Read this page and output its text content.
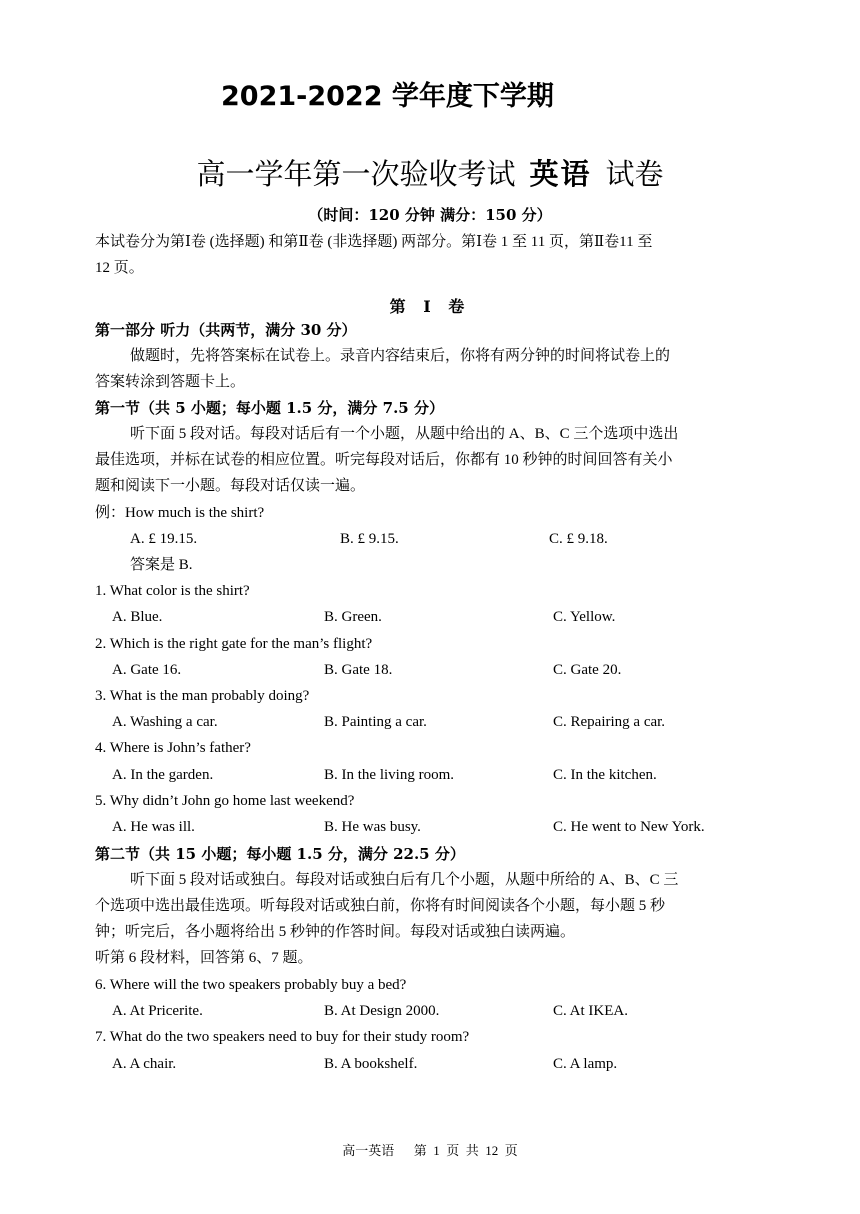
2021-2022 学年度下学期
高一学年第一次验收考试 英语 试卷
（时间：120 分钟 满分：150 分）
本试卷分为第Ⅰ卷 (选择题) 和第Ⅱ卷 (非选择题) 两部分。第Ⅰ卷 1 至 11 页，第Ⅱ卷11 至
12 页。
第 Ⅰ 卷
第一部分 听力（共两节，满分 30 分）
做题时，先将答案标在试卷上。录音内容结束后，你将有两分钟的时间将试卷上的
答案转涂到答题卡上。
第一节（共 5 小题；每小题 1.5 分，满分 7.5 分）
听下面 5 段对话。每段对话后有一个小题，从题中给出的 A、B、C 三个选项中选出
最佳选项，并标在试卷的相应位置。听完每段对话后，你都有 10 秒钟的时间回答有关小
题和阅读下一小题。每段对话仅读一遍。
例：How much is the shirt?
A. £ 19.15.	B. £ 9.15.	C. £ 9.18.
答案是 B.
1. What color is the shirt?
A. Blue.	B. Green.	C. Yellow.
2. Which is the right gate for the man’s flight?
A. Gate 16.	B. Gate 18.	C. Gate 20.
3. What is the man probably doing?
A. Washing a car.	B. Painting a car.	C. Repairing a car.
4. Where is John’s father?
A. In the garden.	B. In the living room.	C. In the kitchen.
5. Why didn’t John go home last weekend?
A. He was ill.	B. He was busy.	C. He went to New York.
第二节（共 15 小题；每小题 1.5 分，满分 22.5 分）
听下面 5 段对话或独白。每段对话或独白后有几个小题，从题中所给的 A、B、C 三
个选项中选出最佳选项。听每段对话或独白前，你将有时间阅读各个小题，每小题 5 秒
钟；听完后，各小题将给出 5 秒钟的作答时间。每段对话或独白读两遍。
听第 6 段材料，回答第 6、7 题。
6. Where will the two speakers probably buy a bed?
A. At Pricerite.	B. At Design 2000.	C. At IKEA.
7. What do the two speakers need to buy for their study room?
A. A chair.	B. A bookshelf.	C. A lamp.
高一英语      第  1  页  共  12  页
